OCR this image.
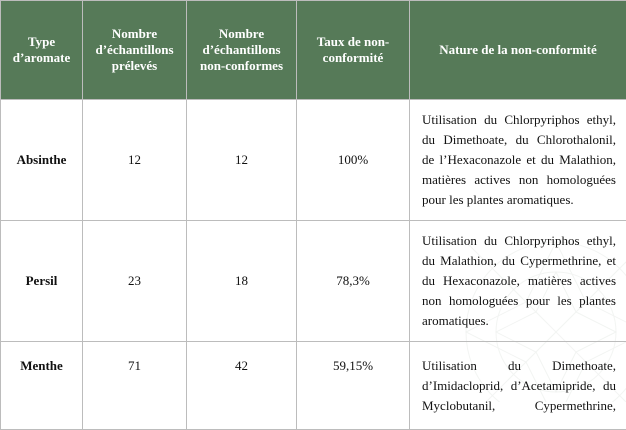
Type d’aromate	Nombre d’échantillons prélevés	Nombre d’échantillons non-conformes	Taux de non-conformité	Nature de la non-conformité
Absinthe	12	12	100%	Utilisation du Chlorpyriphos ethyl, du Dimethoate, du Chlorothalonil, de l’Hexaconazole et du Malathion, matières actives non homologuées pour les plantes aromatiques.

Persil	23	18	78,3%	Utilisation du Chlorpyriphos ethyl, du Malathion, du Cypermethrine, et du Hexaconazole, matières actives non homologuées pour les plantes aromatiques.

Menthe	71	42	59,15%	Utilisation du Dimethoate, d’Imidacloprid, d’Acetamipride, du Myclobutanil, Cypermethrine,
